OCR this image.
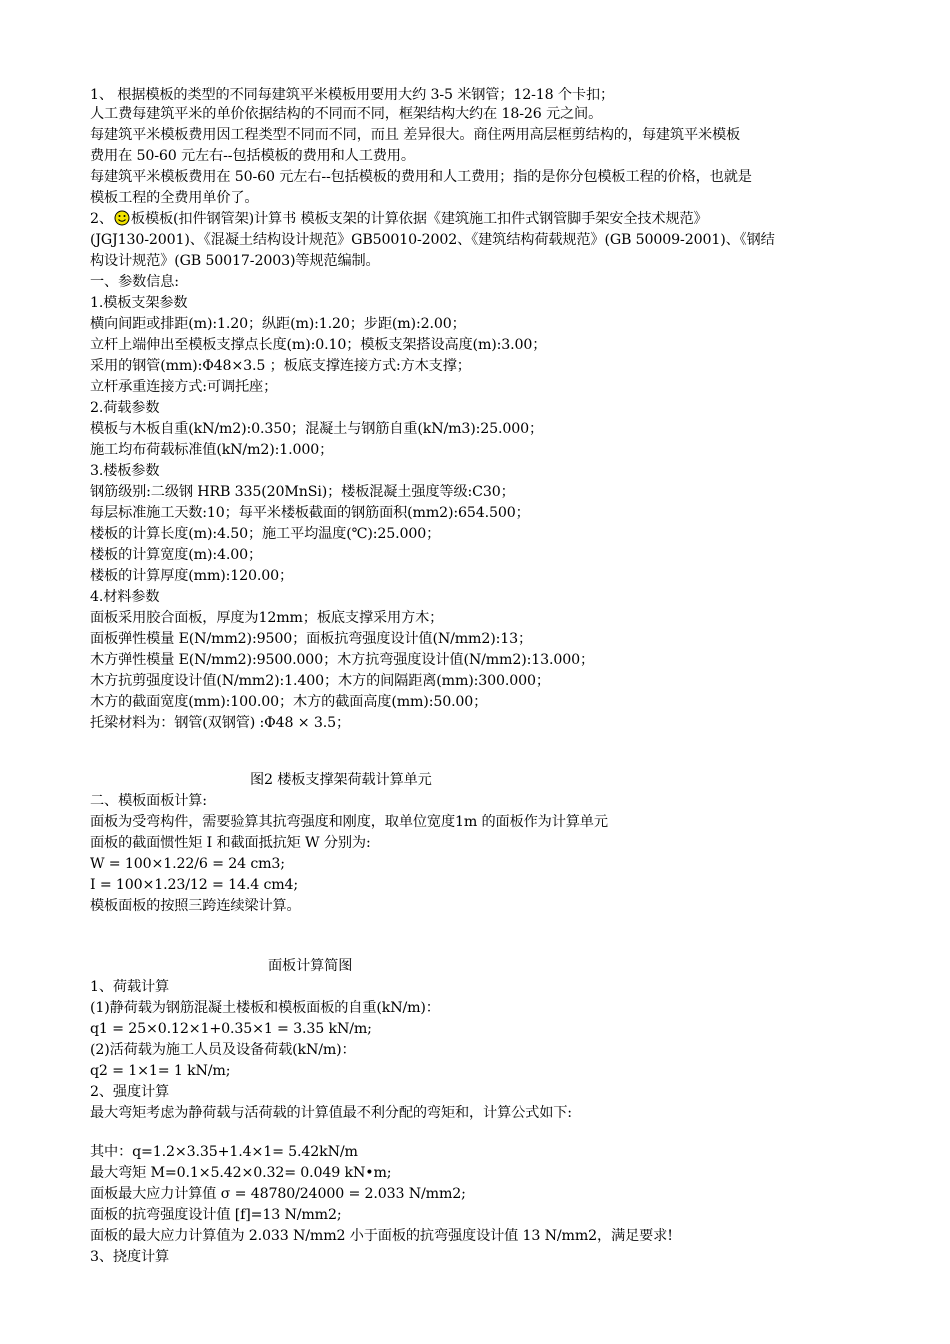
1、 根据模板的类型的不同每建筑平米模板用要用大约 3-5 米钢管；12-18 个卡扣；
人工费每建筑平米的单价依据结构的不同而不同，框架结构大约在 18-26 元之间。
每建筑平米模板费用因工程类型不同而不同，而且 差异很大。商住两用高层框剪结构的，每建筑平米模板
费用在 50-60 元左右--包括模板的费用和人工费用。
每建筑平米模板费用在 50-60 元左右--包括模板的费用和人工费用；指的是你分包模板工程的价格，也就是
模板工程的全费用单价了。
2、 板模板(扣件钢管架)计算书 模板支架的计算依据《建筑施工扣件式钢管脚手架安全技术规范》
(JGJ130-2001)、《混凝土结构设计规范》GB50010-2002、《建筑结构荷载规范》(GB 50009-2001)、《钢结
构设计规范》(GB 50017-2003)等规范编制。
一、参数信息:
1.模板支架参数
横向间距或排距(m):1.20；纵距(m):1.20；步距(m):2.00；
立杆上端伸出至模板支撑点长度(m):0.10；模板支架搭设高度(m):3.00；
采用的钢管(mm):Φ48×3.5 ；板底支撑连接方式:方木支撑；
立杆承重连接方式:可调托座；
2.荷载参数
模板与木板自重(kN/m2):0.350；混凝土与钢筋自重(kN/m3):25.000；
施工均布荷载标准值(kN/m2):1.000；
3.楼板参数
钢筋级别:二级钢 HRB 335(20MnSi)；楼板混凝土强度等级:C30；
每层标准施工天数:10；每平米楼板截面的钢筋面积(mm2):654.500；
楼板的计算长度(m):4.50；施工平均温度(℃):25.000；
楼板的计算宽度(m):4.00；
楼板的计算厚度(mm):120.00；
4.材料参数
面板采用胶合面板，厚度为12mm；板底支撑采用方木；
面板弹性模量 E(N/mm2):9500；面板抗弯强度设计值(N/mm2):13；
木方弹性模量 E(N/mm2):9500.000；木方抗弯强度设计值(N/mm2):13.000；
木方抗剪强度设计值(N/mm2):1.400；木方的间隔距离(mm):300.000；
木方的截面宽度(mm):100.00；木方的截面高度(mm):50.00；
托梁材料为：钢管(双钢管) :Φ48 × 3.5；
图2 楼板支撑架荷载计算单元
二、模板面板计算:
面板为受弯构件，需要验算其抗弯强度和刚度，取单位宽度1m 的面板作为计算单元
面板的截面惯性矩 I 和截面抵抗矩 W 分别为:
W = 100×1.22/6 = 24 cm3;
I = 100×1.23/12 = 14.4 cm4;
模板面板的按照三跨连续梁计算。
面板计算简图
1、荷载计算
(1)静荷载为钢筋混凝土楼板和模板面板的自重(kN/m)：
q1 = 25×0.12×1+0.35×1 = 3.35 kN/m;
(2)活荷载为施工人员及设备荷载(kN/m)：
q2 = 1×1= 1 kN/m;
2、强度计算
最大弯矩考虑为静荷载与活荷载的计算值最不利分配的弯矩和，计算公式如下:
其中：q=1.2×3.35+1.4×1= 5.42kN/m
最大弯矩 M=0.1×5.42×0.32= 0.049 kN•m;
面板最大应力计算值 σ = 48780/24000 = 2.033 N/mm2;
面板的抗弯强度设计值 [f]=13 N/mm2;
面板的最大应力计算值为 2.033 N/mm2 小于面板的抗弯强度设计值 13 N/mm2，满足要求!
3、挠度计算
